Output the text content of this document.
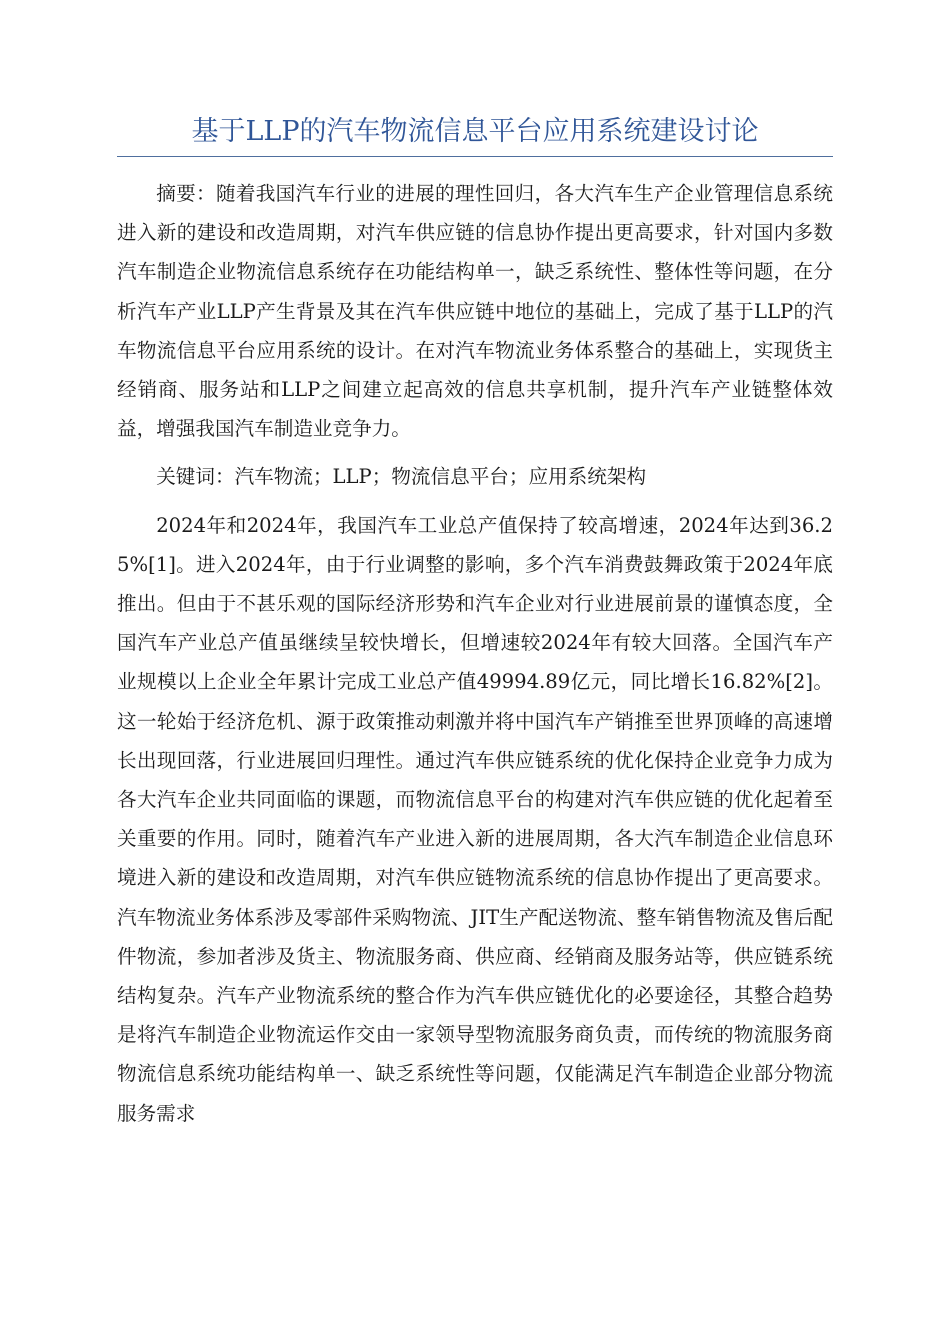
基于LLP的汽车物流信息平台应用系统建设讨论

摘要：随着我国汽车行业的进展的理性回归，各大汽车生产企业管理信息系统进入新的建设和改造周期，对汽车供应链的信息协作提出更高要求，针对国内多数汽车制造企业物流信息系统存在功能结构单一，缺乏系统性、整体性等问题，在分析汽车产业LLP产生背景及其在汽车供应链中地位的基础上，完成了基于LLP的汽车物流信息平台应用系统的设计。在对汽车物流业务体系整合的基础上，实现货主经销商、服务站和LLP之间建立起高效的信息共享机制，提升汽车产业链整体效益，增强我国汽车制造业竞争力。

关键词：汽车物流；LLP；物流信息平台；应用系统架构

2024年和2024年，我国汽车工业总产值保持了较高增速，2024年达到36.25%[1]。进入2024年，由于行业调整的影响，多个汽车消费鼓舞政策于2024年底推出。但由于不甚乐观的国际经济形势和汽车企业对行业进展前景的谨慎态度，全国汽车产业总产值虽继续呈较快增长，但增速较2024年有较大回落。全国汽车产业规模以上企业全年累计完成工业总产值49994.89亿元，同比增长16.82%[2]。这一轮始于经济危机、源于政策推动刺激并将中国汽车产销推至世界顶峰的高速增长出现回落，行业进展回归理性。通过汽车供应链系统的优化保持企业竞争力成为各大汽车企业共同面临的课题，而物流信息平台的构建对汽车供应链的优化起着至关重要的作用。同时，随着汽车产业进入新的进展周期，各大汽车制造企业信息环境进入新的建设和改造周期，对汽车供应链物流系统的信息协作提出了更高要求。汽车物流业务体系涉及零部件采购物流、JIT生产配送物流、整车销售物流及售后配件物流，参加者涉及货主、物流服务商、供应商、经销商及服务站等，供应链系统结构复杂。汽车产业物流系统的整合作为汽车供应链优化的必要途径，其整合趋势是将汽车制造企业物流运作交由一家领导型物流服务商负责，而传统的物流服务商物流信息系统功能结构单一、缺乏系统性等问题，仅能满足汽车制造企业部分物流服务需求
